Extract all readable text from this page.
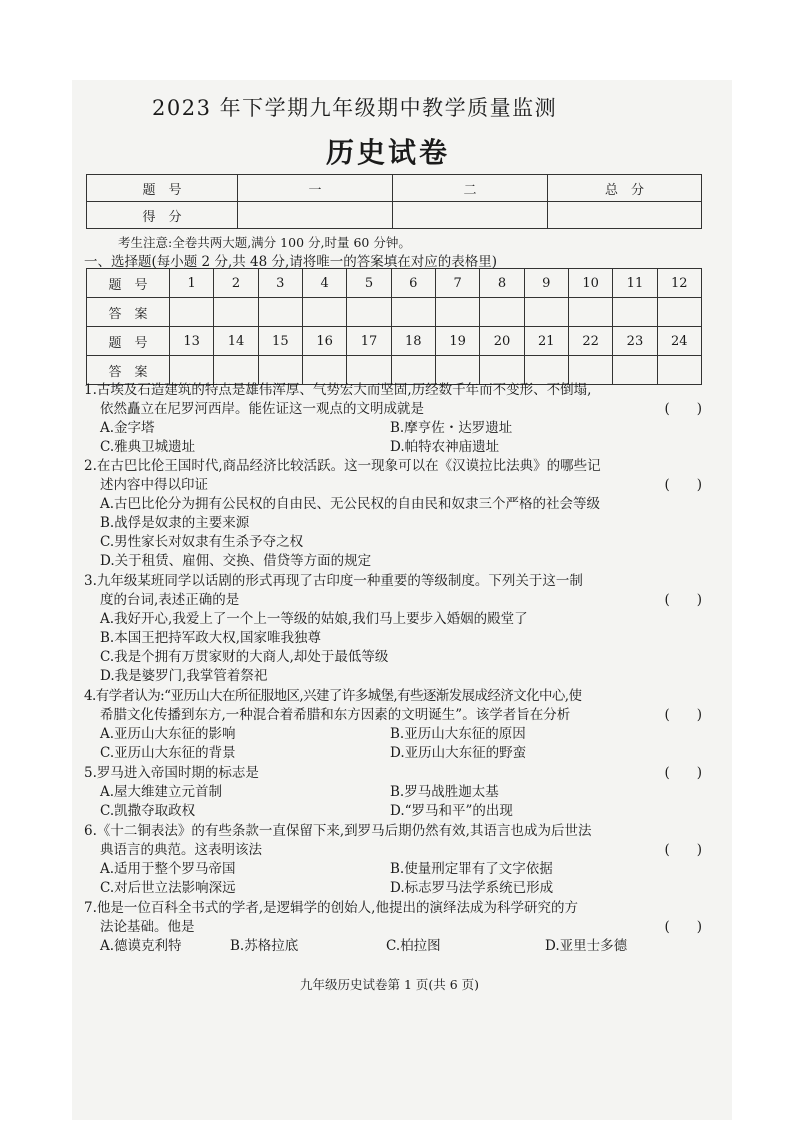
2023 年下学期九年级期中教学质量监测
历史试卷
题　号	一	二	总　分
得　分			
考生注意:全卷共两大题,满分 100 分,时量 60 分钟。
一、选择题(每小题 2 分,共 48 分,请将唯一的答案填在对应的表格里)
题　号	1	2	3	4	5	6	7	8	9	10	11	12
答　案												
题　号	13	14	15	16	17	18	19	20	21	22	23	24
答　案												

1.古埃及石造建筑的特点是雄伟浑厚、气势宏大而坚固,历经数千年而不变形、不倒塌,

依然矗立在尼罗河西岸。能佐证这一观点的文明成就是	(　　)

A.金字塔	B.摩亨佐・达罗遗址
C.雅典卫城遗址	D.帕特农神庙遗址

2.在古巴比伦王国时代,商品经济比较活跃。这一现象可以在《汉谟拉比法典》的哪些记

述内容中得以印证	(　　)

A.古巴比伦分为拥有公民权的自由民、无公民权的自由民和奴隶三个严格的社会等级

B.战俘是奴隶的主要来源

C.男性家长对奴隶有生杀予夺之权

D.关于租赁、雇佣、交换、借贷等方面的规定

3.九年级某班同学以话剧的形式再现了古印度一种重要的等级制度。下列关于这一制

度的台词,表述正确的是	(　　)

A.我好开心,我爱上了一个上一等级的姑娘,我们马上要步入婚姻的殿堂了

B.本国王把持军政大权,国家唯我独尊

C.我是个拥有万贯家财的大商人,却处于最低等级

D.我是婆罗门,我掌管着祭祀

4.有学者认为:“亚历山大在所征服地区,兴建了许多城堡,有些逐渐发展成经济文化中心,使

希腊文化传播到东方,一种混合着希腊和东方因素的文明诞生”。该学者旨在分析	(　　)

A.亚历山大东征的影响	B.亚历山大东征的原因
C.亚历山大东征的背景	D.亚历山大东征的野蛮

5.罗马进入帝国时期的标志是	(　　)

A.屋大维建立元首制	B.罗马战胜迦太基
C.凯撒夺取政权	D.“罗马和平”的出现

6.《十二铜表法》的有些条款一直保留下来,到罗马后期仍然有效,其语言也成为后世法

典语言的典范。这表明该法	(　　)

A.适用于整个罗马帝国	B.使量刑定罪有了文字依据
C.对后世立法影响深远	D.标志罗马法学系统已形成

7.他是一位百科全书式的学者,是逻辑学的创始人,他提出的演绎法成为科学研究的方

法论基础。他是	(　　)

A.德谟克利特	B.苏格拉底	C.柏拉图	D.亚里士多德
九年级历史试卷第 1 页(共 6 页)
